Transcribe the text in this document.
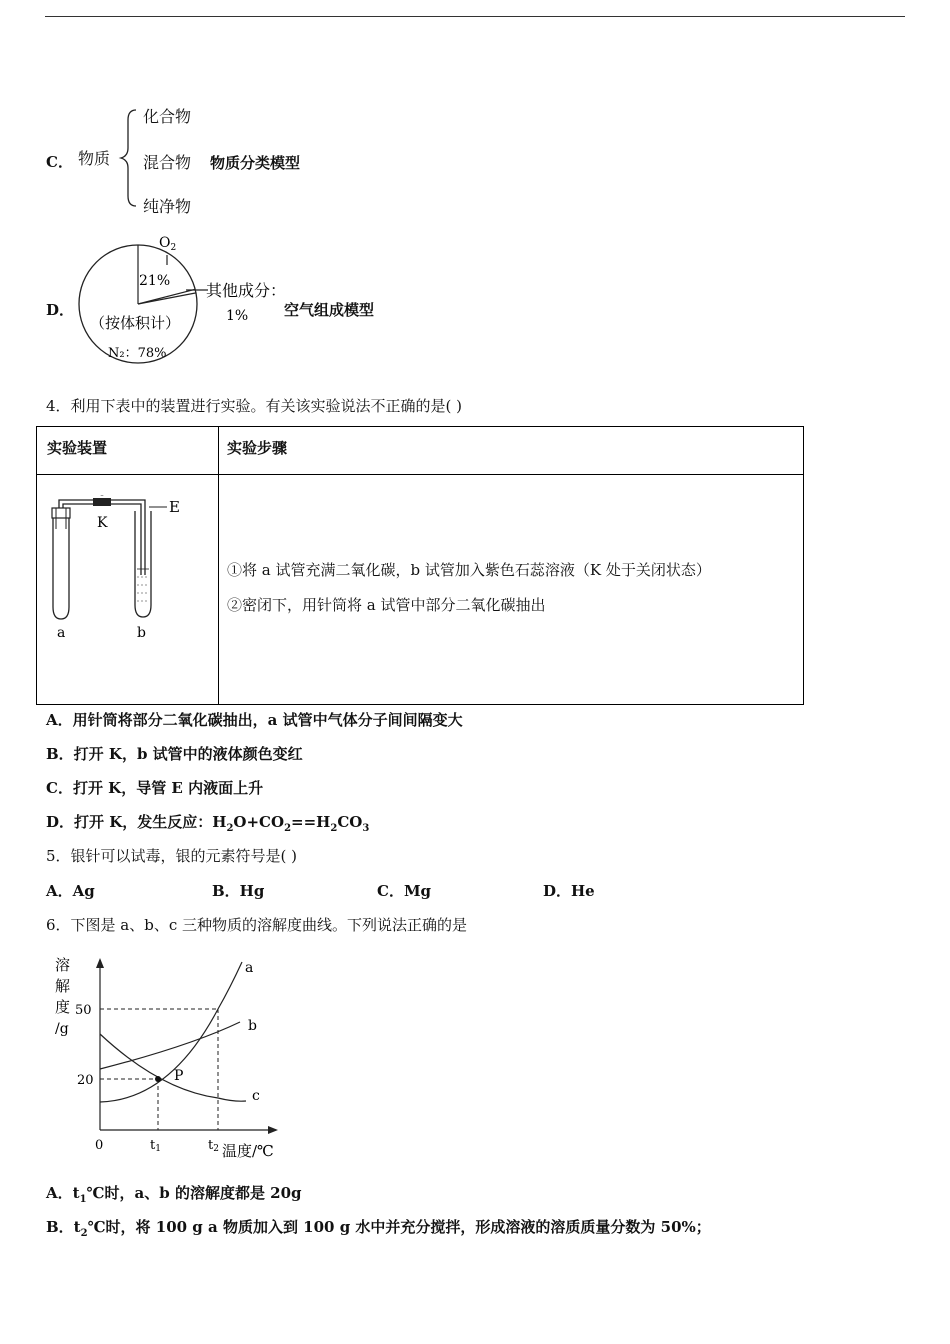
C． 物质
化合物
混合物
纯净物
物质分类模型
D．
$O_2$
21%
（按体积计）
N₂：78%
其他成分：
1% 空气组成模型
4．利用下表中的装置进行实验。有关该实验说法不正确的是( )
实验装置	实验步骤
E
K
a	b
①将 a 试管充满二氧化碳，b 试管加入紫色石蕊溶液（K 处于关闭状态）
②密闭下，用针筒将 a 试管中部分二氧化碳抽出
A．用针筒将部分二氧化碳抽出，a 试管中气体分子间间隔变大
B．打开 K，b 试管中的液体颜色变红
C．打开 K，导管 E 内液面上升
D．打开 K，发生反应：$H_2O+CO_2==H_2CO_3$
5．银针可以试毒，银的元素符号是( )
A．Ag	B．Hg	C．Mg	D．He
6．下图是 a、b、c 三种物质的溶解度曲线。下列说法正确的是
溶
解
度
/g
50
20
0	t1	t2 温度/℃
a
b
c
P
A．$t_1℃$时，a、b 的溶解度都是 20g
B．$t_2℃$时，将 100 g a 物质加入到 100 g 水中并充分搅拌，形成溶液的溶质质量分数为 50%；
